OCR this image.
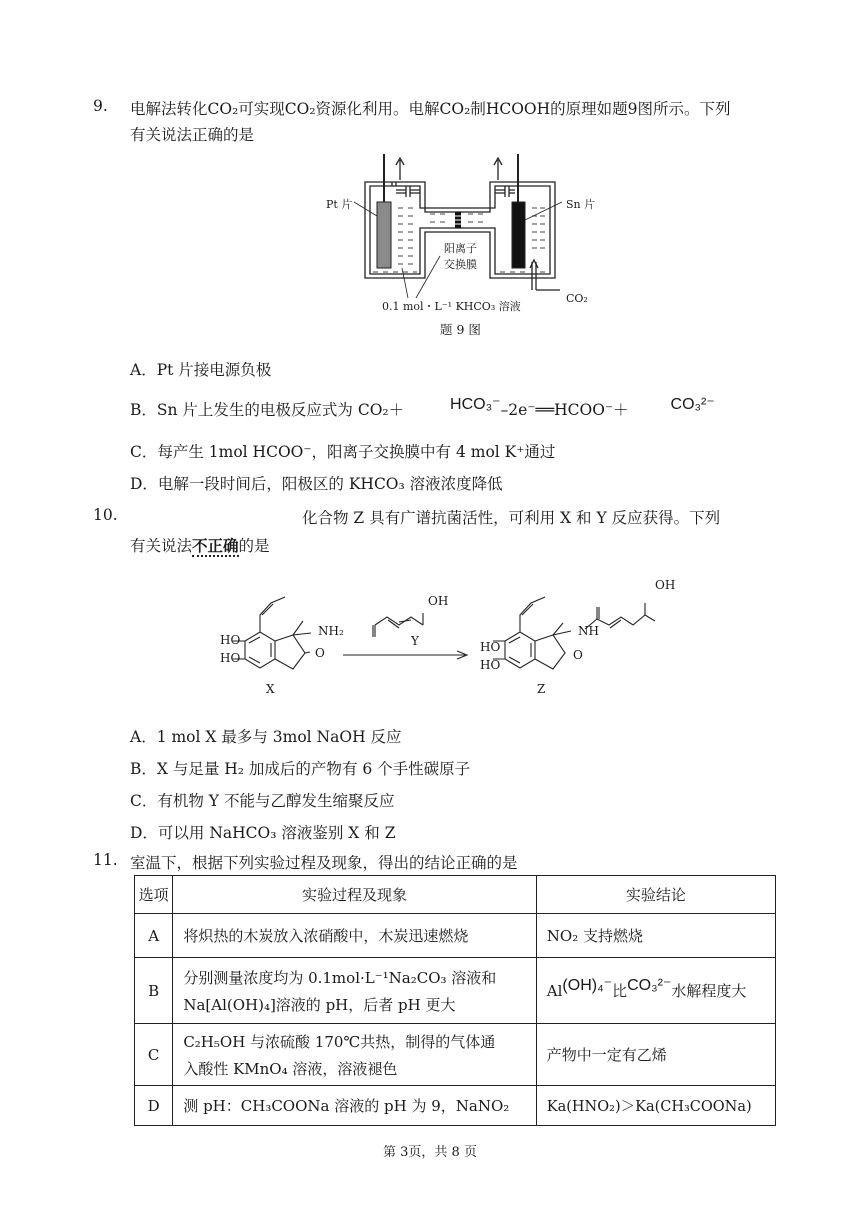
9. 电解法转化CO₂可实现CO₂资源化利用。电解CO₂制HCOOH的原理如题9图所示。下列
有关说法正确的是
Pt 片	Sn 片
阳离子
交换膜
0.1 mol・L⁻¹ KHCO₃ 溶液
CO₂
题 9 图
A．Pt 片接电源负极
B．Sn 片上发生的电极反应式为 CO₂＋	HCO₃⁻–2e⁻══HCOO⁻＋	CO₃²⁻
C．每产生 1mol HCOO⁻，阳离子交换膜中有 4 mol K⁺通过
D．电解一段时间后，阳极区的 KHCO₃ 溶液浓度降低
10.	化合物 Z 具有广谱抗菌活性，可利用 X 和 Y 反应获得。下列
有关说法不正确的是
HO
HO
NH₂
O
X
OH
Y	HO
HO
NH
O
OH
Z
A．1 mol X 最多与 3mol NaOH 反应
B．X 与足量 H₂ 加成后的产物有 6 个手性碳原子
C．有机物 Y 不能与乙醇发生缩聚反应
D．可以用 NaHCO₃ 溶液鉴别 X 和 Z
11. 室温下，根据下列实验过程及现象，得出的结论正确的是
选项	实验过程及现象	实验结论
A	将炽热的木炭放入浓硝酸中，木炭迅速燃烧	NO₂ 支持燃烧
B	分别测量浓度均为 0.1mol·L⁻¹Na₂CO₃ 溶液和
Na[Al(OH)₄]溶液的 pH，后者 pH 更大	Al(OH)₄⁻比CO₃²⁻水解程度大
C	C₂H₅OH 与浓硫酸 170℃共热，制得的气体通
入酸性 KMnO₄ 溶液，溶液褪色	产物中一定有乙烯
D	测 pH：CH₃COONa 溶液的 pH 为 9，NaNO₂	Ka(HNO₂)＞Ka(CH₃COONa)
第 3页，共 8 页
